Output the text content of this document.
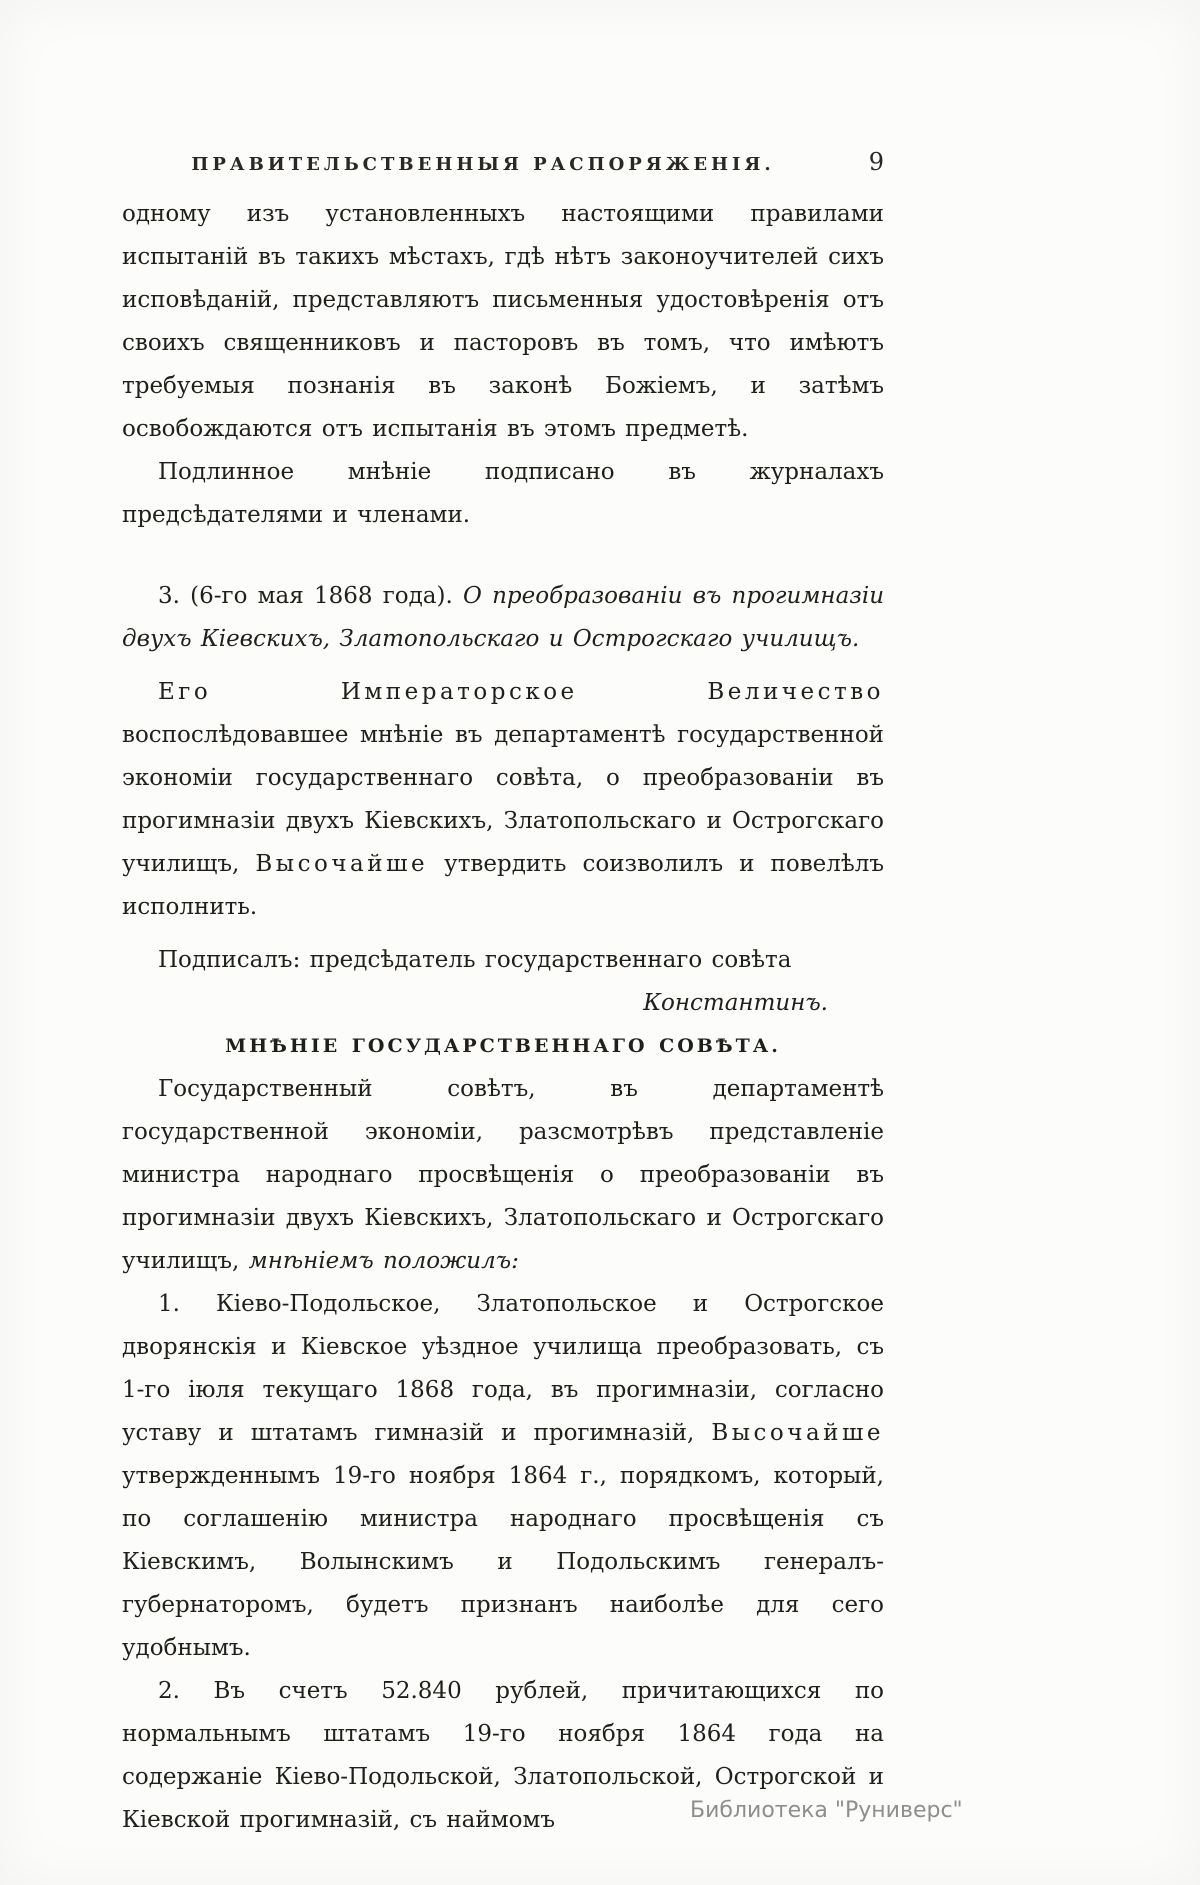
ПРАВИТЕЛЬСТВЕННЫЯ РАСПОРЯЖЕНІЯ.	9

одному изъ установленныхъ настоящими правилами испытаній въ такихъ мѣстахъ, гдѣ нѣтъ законоучителей сихъ исповѣданій, представляютъ письменныя удостовѣренія отъ своихъ священниковъ и пасторовъ въ томъ, что имѣютъ требуемыя познанія въ законѣ Божіемъ, и затѣмъ освобождаются отъ испытанія въ этомъ предметѣ.

Подлинное мнѣніе подписано въ журналахъ предсѣдателями и членами.

3. (6-го мая 1868 года). О преобразованіи въ прогимназіи двухъ Кіевскихъ, Златопольскаго и Острогскаго училищъ.

Его Императорское Величество воспослѣдовавшее мнѣніе въ департаментѣ государственной экономіи государственнаго совѣта, о преобразованіи въ прогимназіи двухъ Кіевскихъ, Златопольскаго и Острогскаго училищъ, Высочайше утвердить соизволилъ и повелѣлъ исполнить.

Подписалъ: предсѣдатель государственнаго совѣта

Константинъ.

МНѢНІЕ ГОСУДАРСТВЕННАГО СОВѢТА.

Государственный совѣтъ, въ департаментѣ государственной экономіи, разсмотрѣвъ представленіе министра народнаго просвѣщенія о преобразованіи въ прогимназіи двухъ Кіевскихъ, Златопольскаго и Острогскаго училищъ, мнѣніемъ положилъ:

1. Кіево-Подольское, Златопольское и Острогское дворянскія и Кіевское уѣздное училища преобразовать, съ 1-го іюля текущаго 1868 года, въ прогимназіи, согласно уставу и штатамъ гимназій и прогимназій, Высочайше утвержденнымъ 19-го ноября 1864 г., порядкомъ, который, по соглашенію министра народнаго просвѣщенія съ Кіевскимъ, Волынскимъ и Подольскимъ генералъ-губернаторомъ, будетъ признанъ наиболѣе для сего удобнымъ.

2. Въ счетъ 52.840 рублей, причитающихся по нормальнымъ штатамъ 19-го ноября 1864 года на содержаніе Кіево-Подольской, Златопольской, Острогской и Кіевской прогимназій, съ наймомъ	Библиотека "Руниверс"
